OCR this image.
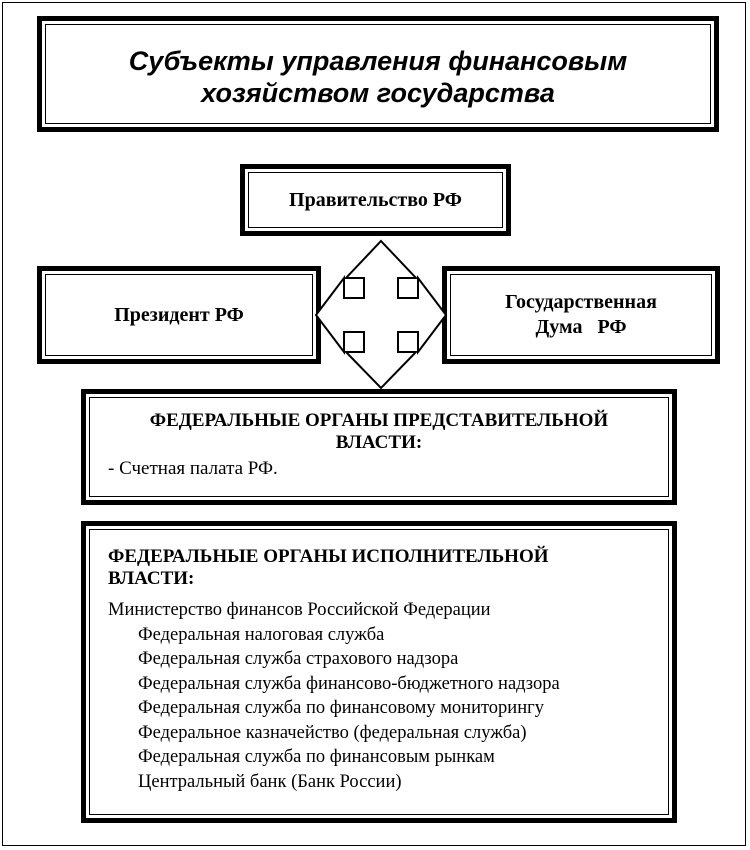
Субъекты управления финансовым
хозяйством государства
Правительство РФ
Президент РФ
Государственная
Дума   РФ
ФЕДЕРАЛЬНЫЕ ОРГАНЫ ПРЕДСТАВИТЕЛЬНОЙ
ВЛАСТИ:
- Счетная палата РФ.
ФЕДЕРАЛЬНЫЕ ОРГАНЫ ИСПОЛНИТЕЛЬНОЙ
ВЛАСТИ:
Министерство финансов Российской Федерации
Федеральная налоговая служба
Федеральная служба страхового надзора
Федеральная служба финансово-бюджетного надзора
Федеральная служба по финансовому мониторингу
Федеральное казначейство (федеральная служба)
Федеральная служба по финансовым рынкам
Центральный банк (Банк России)
